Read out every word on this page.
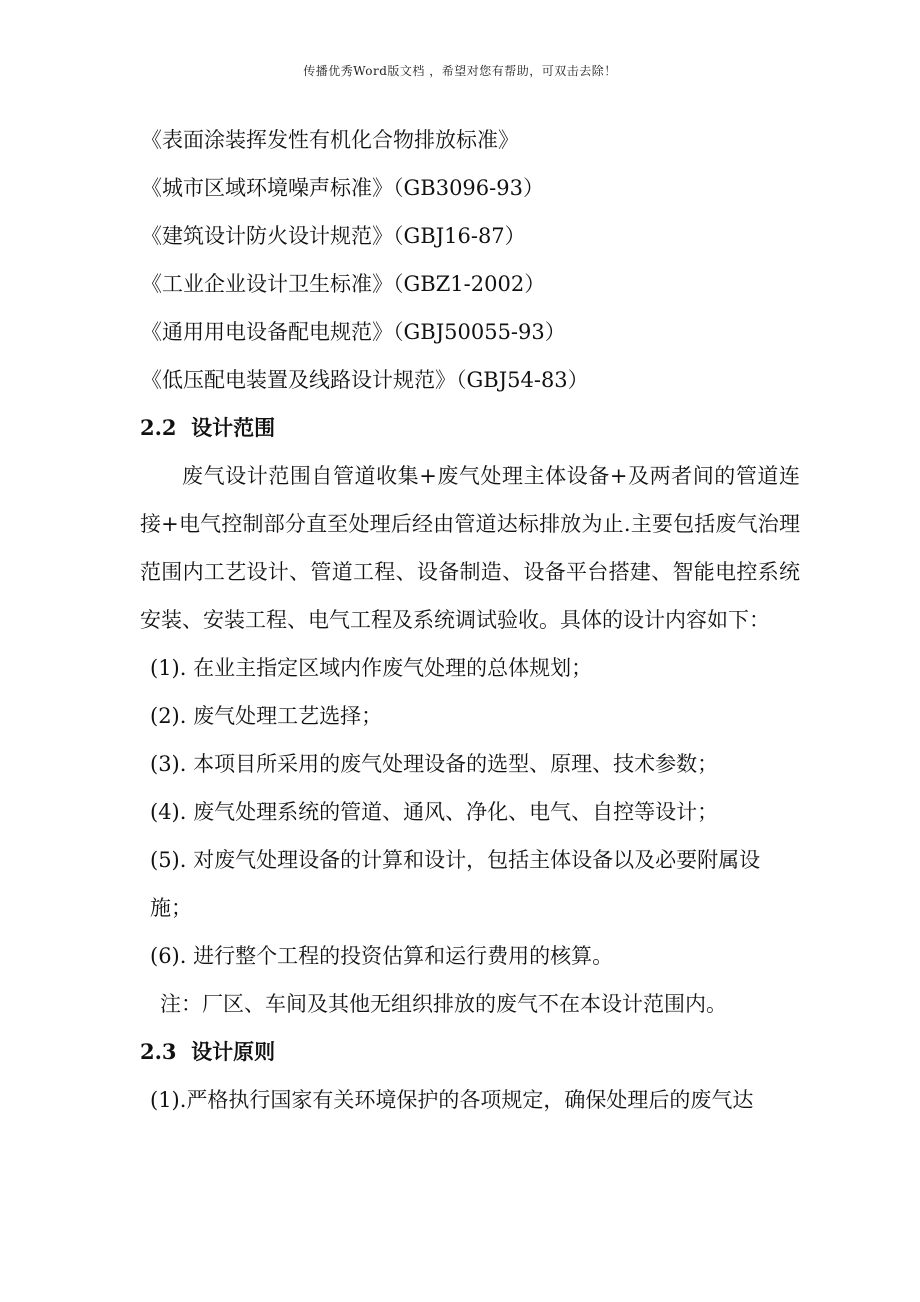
传播优秀Word版文档 ，希望对您有帮助，可双击去除！
《表面涂装挥发性有机化合物排放标准》
《城市区域环境噪声标准》（GB3096-93）
《建筑设计防火设计规范》（GBJ16-87）
《工业企业设计卫生标准》（GBZ1-2002）
《通用用电设备配电规范》（GBJ50055-93）
《低压配电装置及线路设计规范》（GBJ54-83）
2.2  设计范围

废气设计范围自管道收集+废气处理主体设备+及两者间的管道连接+电气控制部分直至处理后经由管道达标排放为止.主要包括废气治理范围内工艺设计、管道工程、设备制造、设备平台搭建、智能电控系统安装、安装工程、电气工程及系统调试验收。具体的设计内容如下：

(1). 在业主指定区域内作废气处理的总体规划；

(2). 废气处理工艺选择；

(3). 本项目所采用的废气处理设备的选型、原理、技术参数；

(4). 废气处理系统的管道、通风、净化、电气、自控等设计；

(5). 对废气处理设备的计算和设计，包括主体设备以及必要附属设施；

(6). 进行整个工程的投资估算和运行费用的核算。

注：厂区、车间及其他无组织排放的废气不在本设计范围内。

2.3  设计原则

(1).严格执行国家有关环境保护的各项规定，确保处理后的废气达
